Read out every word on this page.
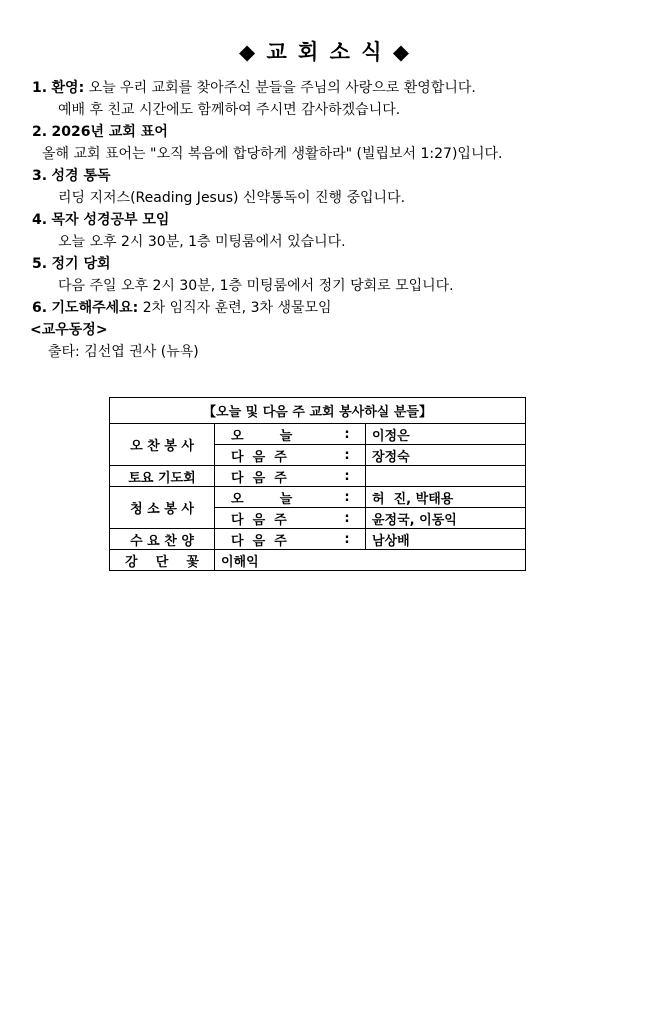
◆ 교 회 소 식 ◆
1. 환영: 오늘 우리 교회를 찾아주신 분들을 주님의 사랑으로 환영합니다.
예배 후 친교 시간에도 함께하여 주시면 감사하겠습니다.
2. 2026년 교회 표어
올해 교회 표어는 "오직 복음에 합당하게 생활하라" (빌립보서 1:27)입니다.
3. 성경 통독
리딩 지저스(Reading Jesus) 신약통독이 진행 중입니다.
4. 목자 성경공부 모임
오늘 오후 2시 30분, 1층 미팅룸에서 있습니다.
5. 정기 당회
다음 주일 오후 2시 30분, 1층 미팅룸에서 정기 당회로 모입니다.
6. 기도해주세요: 2차 임직자 훈련, 3차 생물모임
<교우동정>
출타: 김선엽 권사 (뉴욕)
【오늘 및 다음 주 교회 봉사하실 분들】			
오 찬 봉 사	오        늘	:	이정은
	다  음  주	:	장정숙
토요 기도회	다  음  주	:	
청 소 봉 사	오        늘	:	허  진, 박태용
	다  음  주	:	윤정국, 이동익
수 요 찬 양	다  음  주	:	남상배
강    단    꽃	이해익		
